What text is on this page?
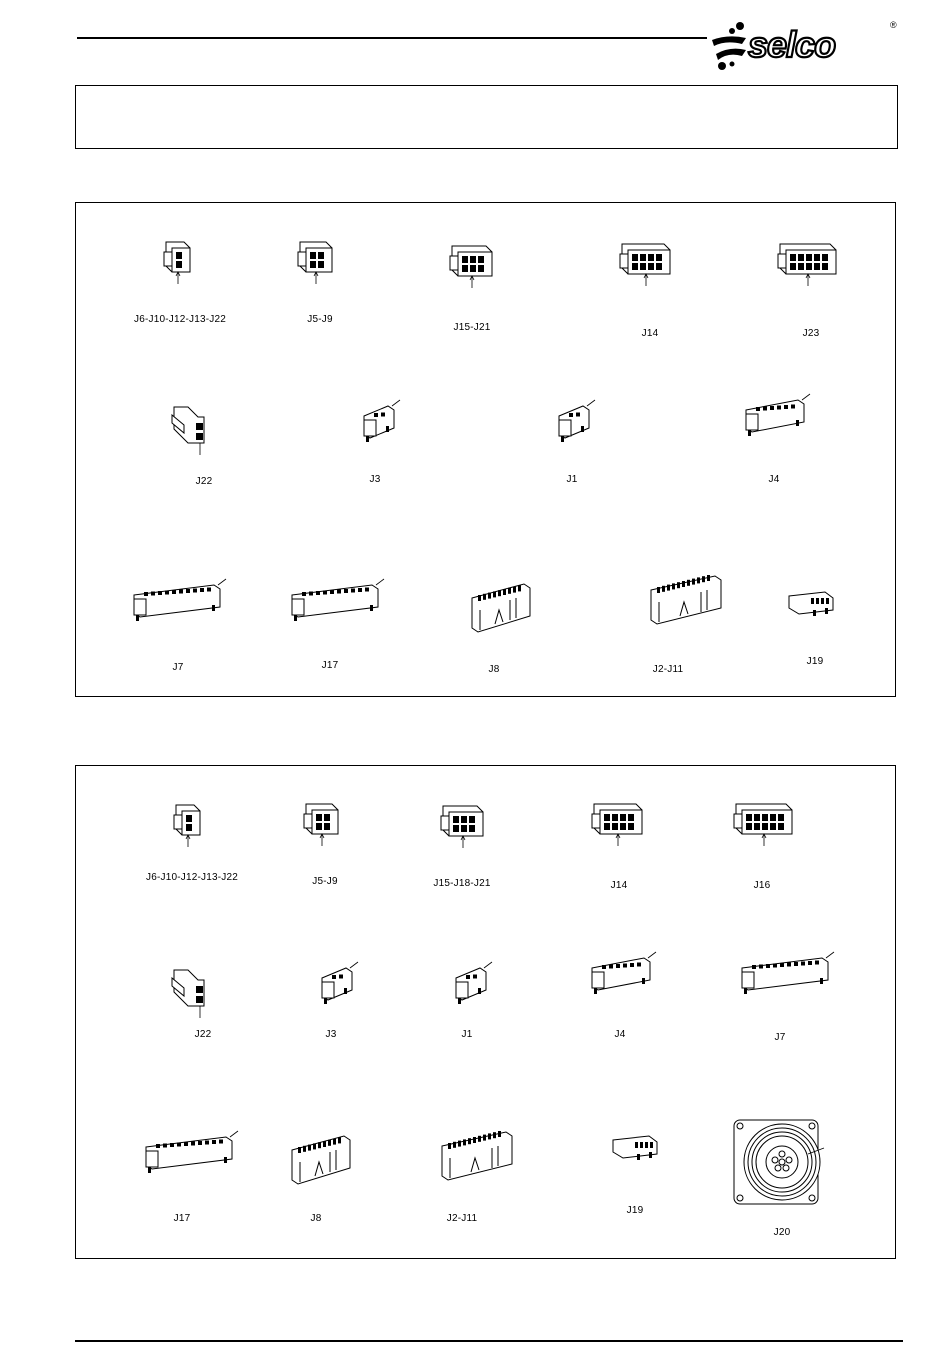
selco	®
J6-J10-J12-J13-J22	J5-J9
J15-J21
J14	J23
J22	J3	J1	J4
J7	J17	J8	J2-J11
J19
J6-J10-J12-J13-J22	J5-J9	J15-J18-J21	J14	J16
J22	J3	J1	J4	J7
J17	J8	J2-J11
J19
J20
